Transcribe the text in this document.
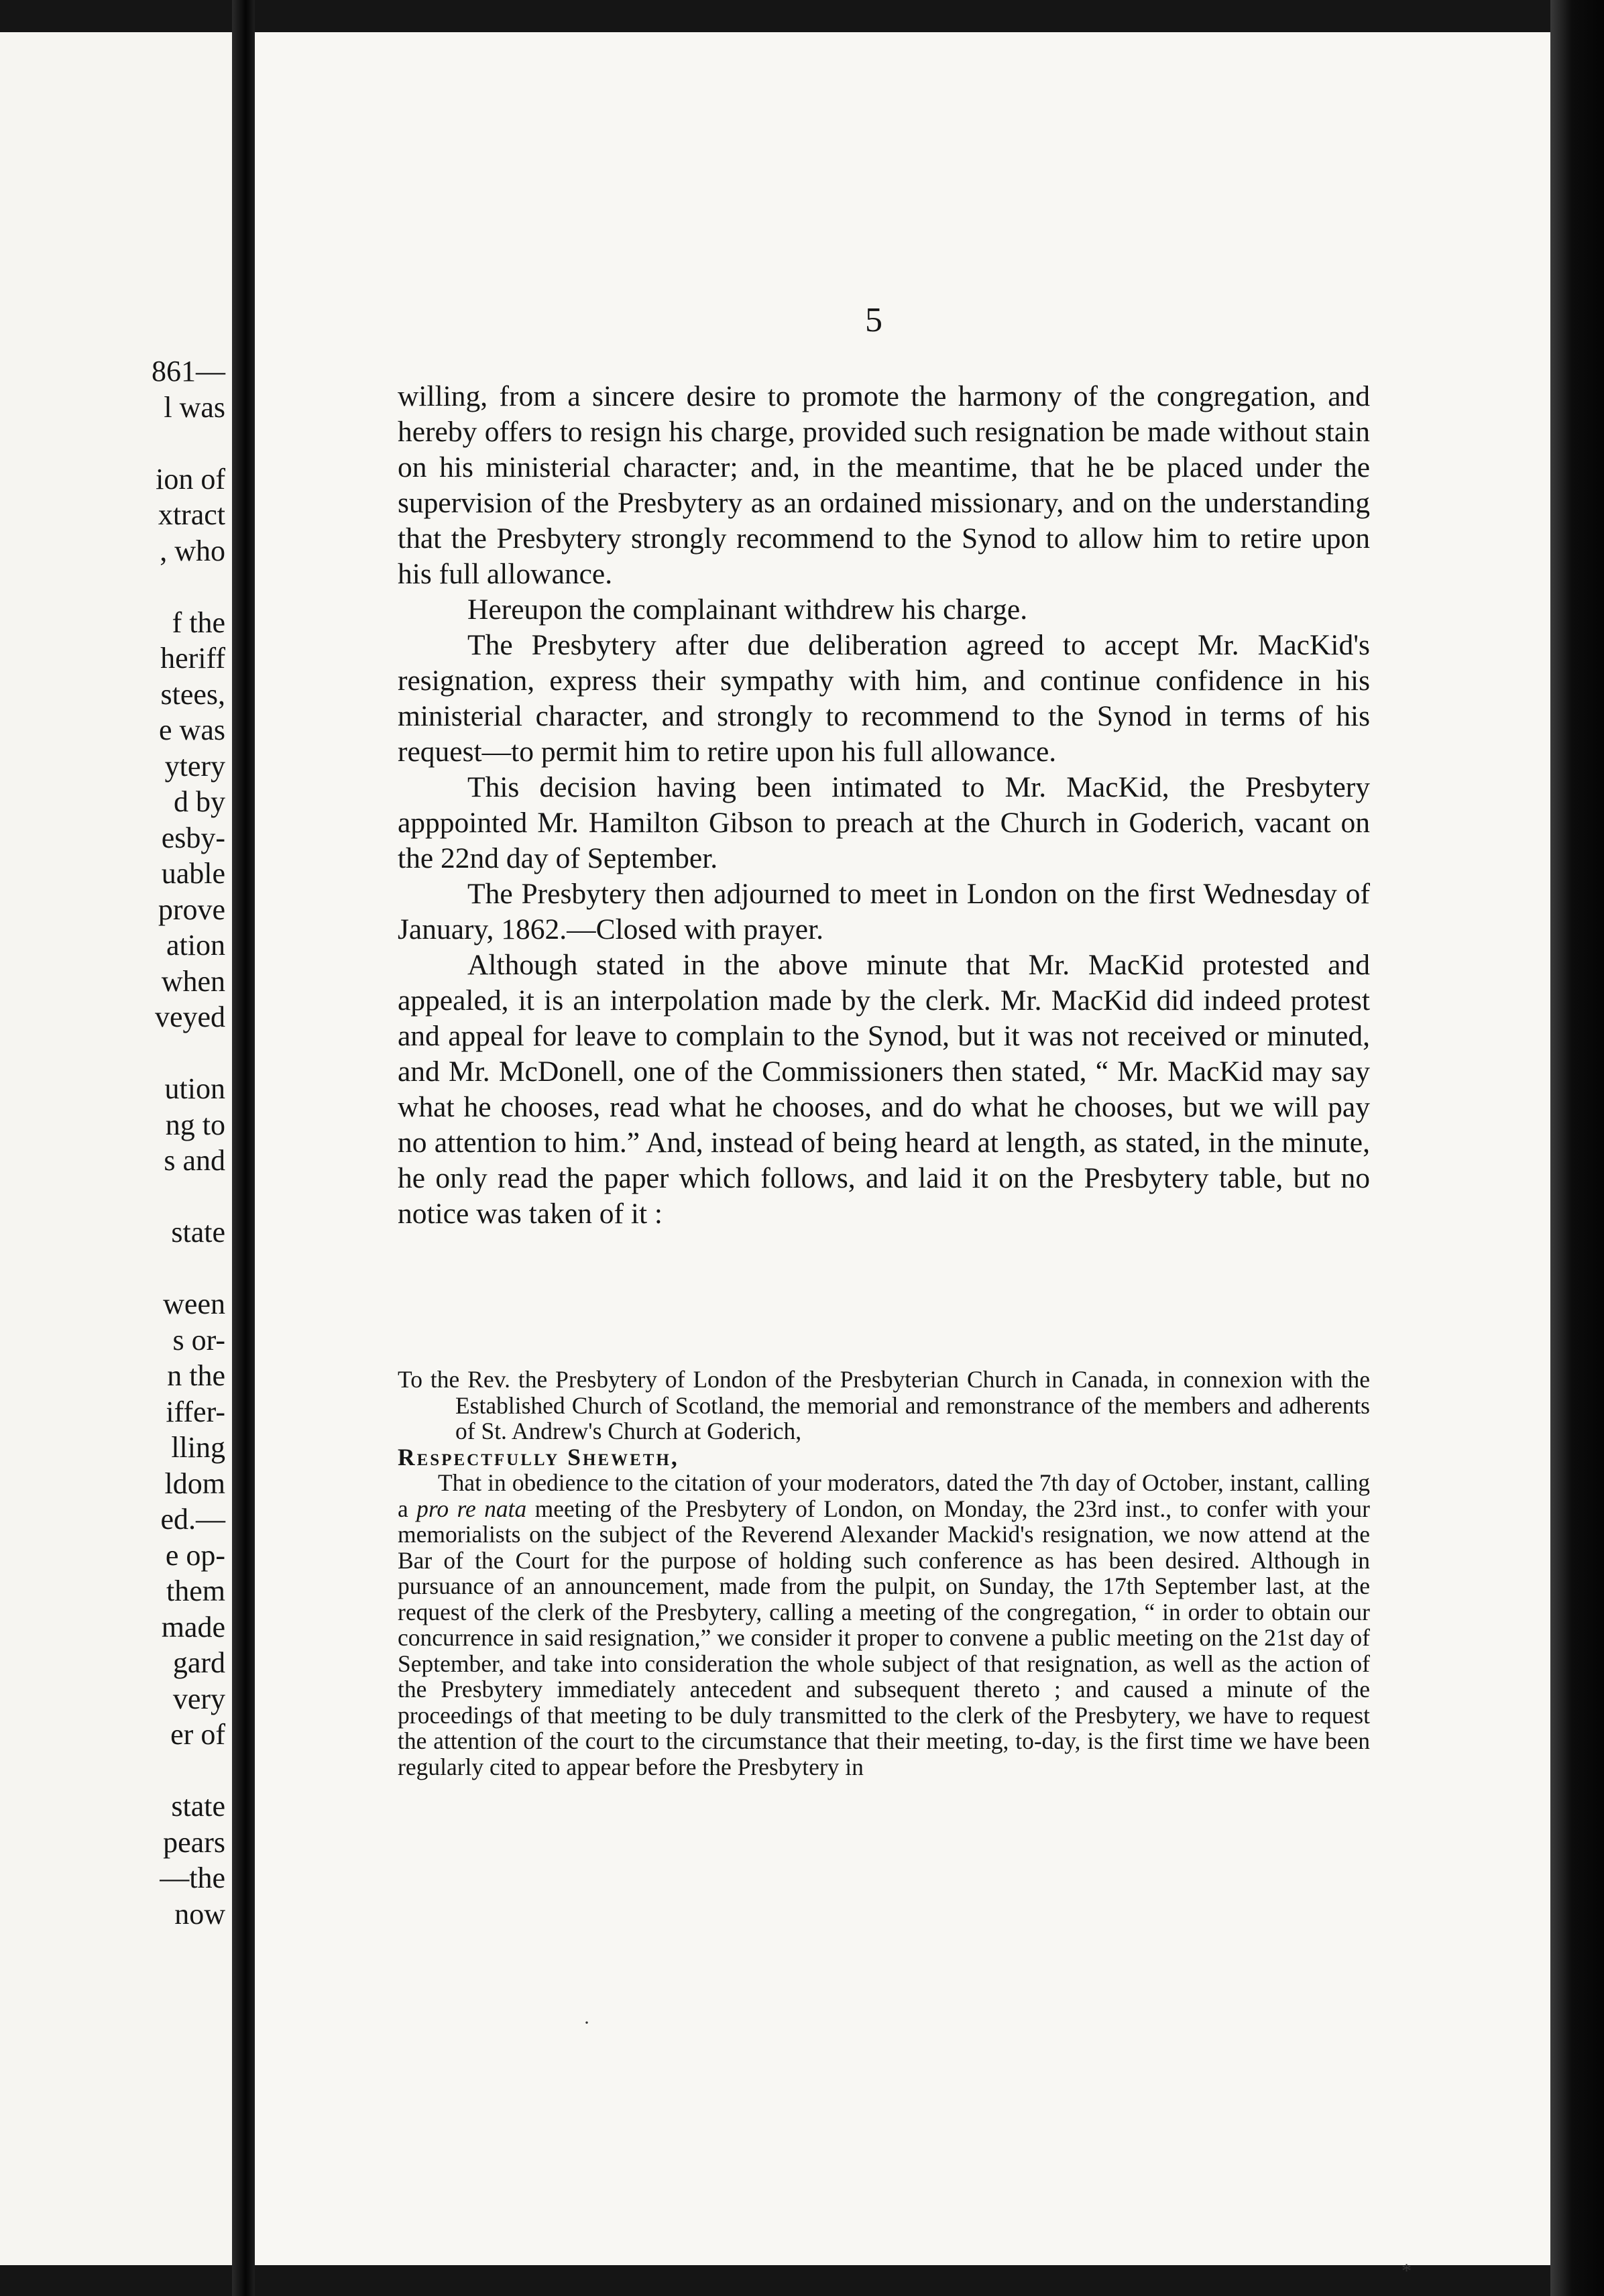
861—
l was
ion of
xtract
, who
f the
heriff
stees,
e was
ytery
d by
esby-
uable
prove
ation
when
veyed
ution
ng to
s and
state
ween
s or-
n the
iffer-
lling
ldom
ed.—
e op-
them
made
gard
very
er of
state
pears
—the
now
5

willing, from a sincere desire to promote the harmony of the congregation, and hereby offers to resign his charge, provided such resignation be made without stain on his ministerial character; and, in the meantime, that he be placed under the supervision of the Presbytery as an ordained missionary, and on the understanding that the Presbytery strongly recommend to the Synod to allow him to retire upon his full allowance.

Hereupon the complainant withdrew his charge.

The Presbytery after due deliberation agreed to accept Mr. MacKid's resignation, express their sympathy with him, and continue confidence in his ministerial character, and strongly to recommend to the Synod in terms of his request—to permit him to retire upon his full allowance.

This decision having been intimated to Mr. MacKid, the Presbytery apppointed Mr. Hamilton Gibson to preach at the Church in Goderich, vacant on the 22nd day of September.

The Presbytery then adjourned to meet in London on the first Wednesday of January, 1862.—Closed with prayer.

Although stated in the above minute that Mr. MacKid protested and appealed, it is an interpolation made by the clerk. Mr. MacKid did indeed protest and appeal for leave to complain to the Synod, but it was not received or minuted, and Mr. McDonell, one of the Commissioners then stated, “ Mr. MacKid may say what he chooses, read what he chooses, and do what he chooses, but we will pay no attention to him.” And, instead of being heard at length, as stated, in the minute, he only read the paper which follows, and laid it on the Presbytery table, but no notice was taken of it :

To the Rev. the Presbytery of London of the Presbyterian Church in Canada, in connexion with the Established Church of Scotland, the memorial and remonstrance of the members and adherents of St. Andrew's Church at Goderich,

Respectfully Sheweth,

That in obedience to the citation of your moderators, dated the 7th day of October, instant, calling a pro re nata meeting of the Presbytery of London, on Monday, the 23rd inst., to confer with your memorialists on the subject of the Reverend Alexander Mackid's resignation, we now attend at the Bar of the Court for the purpose of holding such conference as has been desired. Although in pursuance of an announcement, made from the pulpit, on Sunday, the 17th September last, at the request of the clerk of the Presbytery, calling a meeting of the congregation, “ in order to obtain our concurrence in said resignation,” we consider it proper to convene a public meeting on the 21st day of September, and take into consideration the whole subject of that resignation, as well as the action of the Presbytery immediately antecedent and subsequent thereto ; and caused a minute of the proceedings of that meeting to be duly transmitted to the clerk of the Presbytery, we have to request the attention of the court to the circumstance that their meeting, to-day, is the first time we have been regularly cited to appear before the Presbytery in

·
*
